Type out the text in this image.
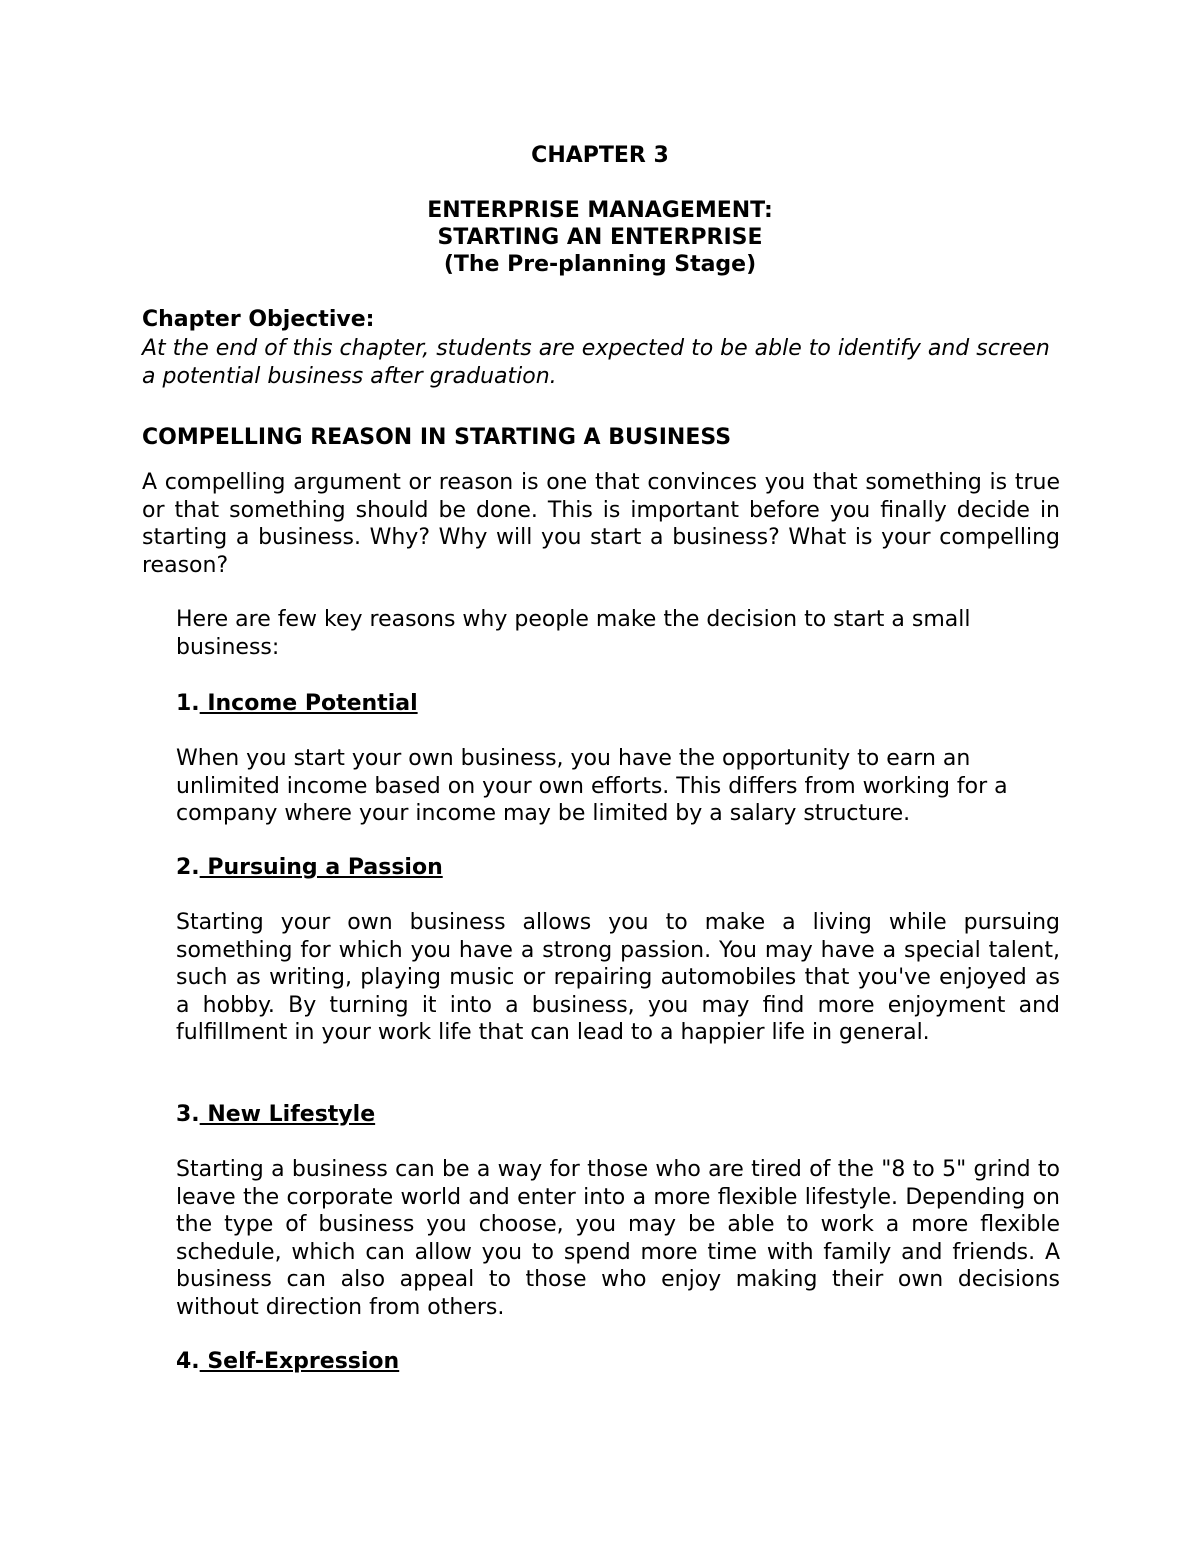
CHAPTER 3
ENTERPRISE MANAGEMENT:
STARTING AN ENTERPRISE
(The Pre-planning Stage)
Chapter Objective:
At the end of this chapter, students are expected to be able to identify and screen a potential business after graduation.
COMPELLING REASON IN STARTING A BUSINESS
A compelling argument or reason is one that convinces you that something is true or that something should be done. This is important before you finally decide in starting a business. Why? Why will you start a business? What is your compelling reason?
Here are few key reasons why people make the decision to start a small business:
1. Income Potential
When you start your own business, you have the opportunity to earn an unlimited income based on your own efforts. This differs from working for a company where your income may be limited by a salary structure.
2. Pursuing a Passion
Starting your own business allows you to make a living while pursuing something for which you have a strong passion. You may have a special talent, such as writing, playing music or repairing automobiles that you've enjoyed as a hobby. By turning it into a business, you may find more enjoyment and fulfillment in your work life that can lead to a happier life in general.
3. New Lifestyle
Starting a business can be a way for those who are tired of the "8 to 5" grind to leave the corporate world and enter into a more flexible lifestyle. Depending on the type of business you choose, you may be able to work a more flexible schedule, which can allow you to spend more time with family and friends. A business can also appeal to those who enjoy making their own decisions without direction from others.
4. Self-Expression
